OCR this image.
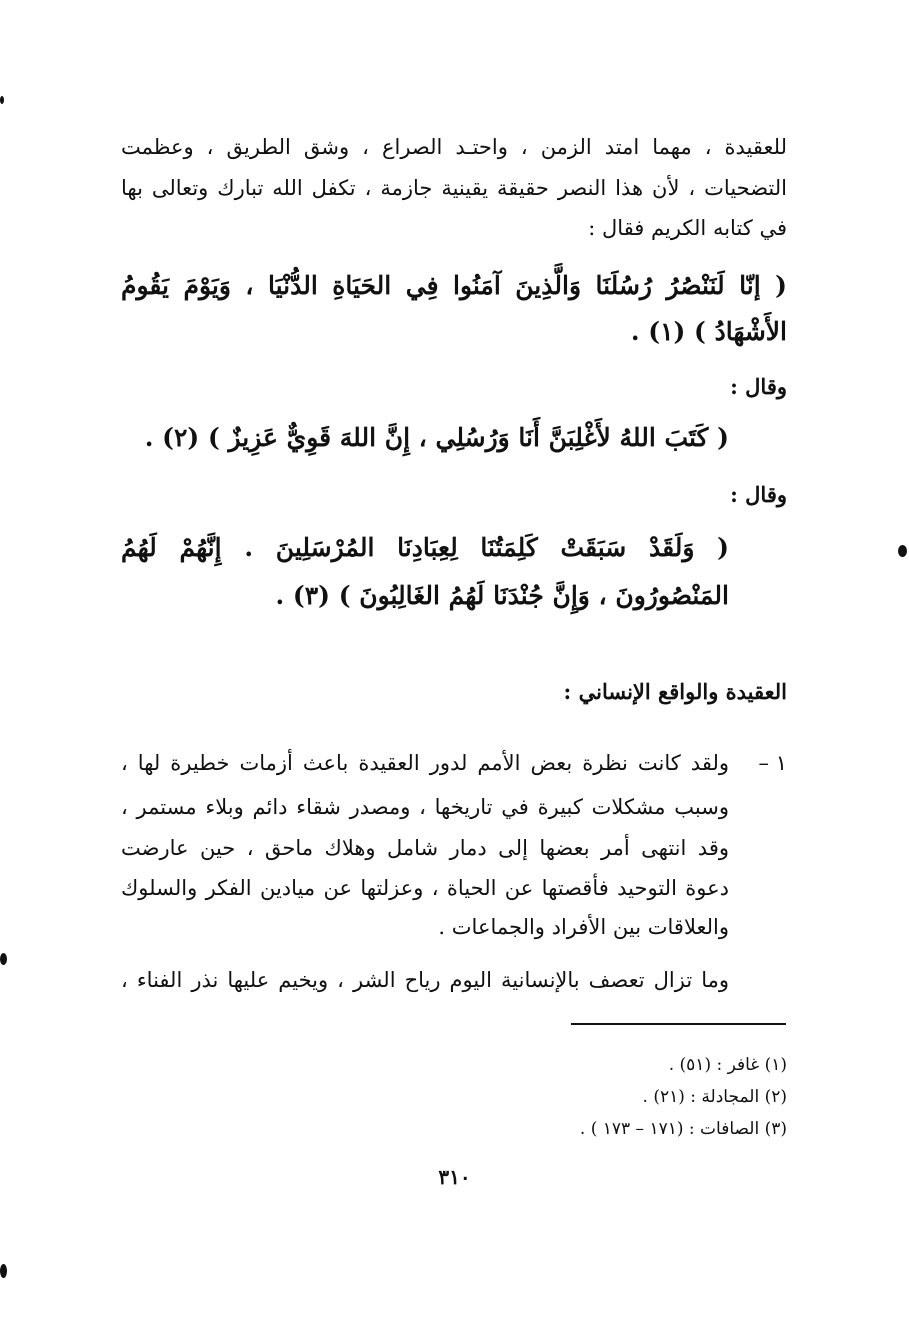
للعقيدة ، مهما امتد الزمن ، واحتـد الصراع ، وشق الطريق ، وعظمت
التضحيات ، لأن هذا النصر حقيقة يقينية جازمة ، تكفل الله تبارك وتعالى بها
في كتابه الكريم فقال :
( إنّا لَنَنْصُرُ رُسُلَنَا وَالَّذِينَ آمَنُوا فِي الحَيَاةِ الدُّنْيَا ، وَيَوْمَ يَقُومُ
الأَشْهَادُ ) (١) .
وقال :
( كَتَبَ اللهُ لأَغْلِبَنَّ أَنَا وَرُسُلِي ، إِنَّ اللهَ قَوِيٌّ عَزِيزٌ ) (٢) .
وقال :
( وَلَقَدْ سَبَقَتْ كَلِمَتُنَا لِعِبَادِنَا المُرْسَلِينَ . إِنَّهُمْ لَهُمُ
المَنْصُورُونَ ، وَإِنَّ جُنْدَنَا لَهُمُ الغَالِبُونَ ) (٣) .
العقيدة والواقع الإنساني :
١ –
ولقد كانت نظرة بعض الأمم لدور العقيدة باعث أزمات خطيرة لها ،
وسبب مشكلات كبيرة في تاريخها ، ومصدر شقاء دائم وبلاء مستمر ،
وقد انتهى أمر بعضها إلى دمار شامل وهلاك ماحق ، حين عارضت
دعوة التوحيد فأقصتها عن الحياة ، وعزلتها عن ميادين الفكر والسلوك
والعلاقات بين الأفراد والجماعات .
وما تزال تعصف بالإنسانية اليوم رياح الشر ، ويخيم عليها نذر الفناء ،
(١) غافر : (٥١) .
(٢) المجادلة : (٢١) .
(٣) الصافات : (١٧١ – ١٧٣ ) .
٣١٠
